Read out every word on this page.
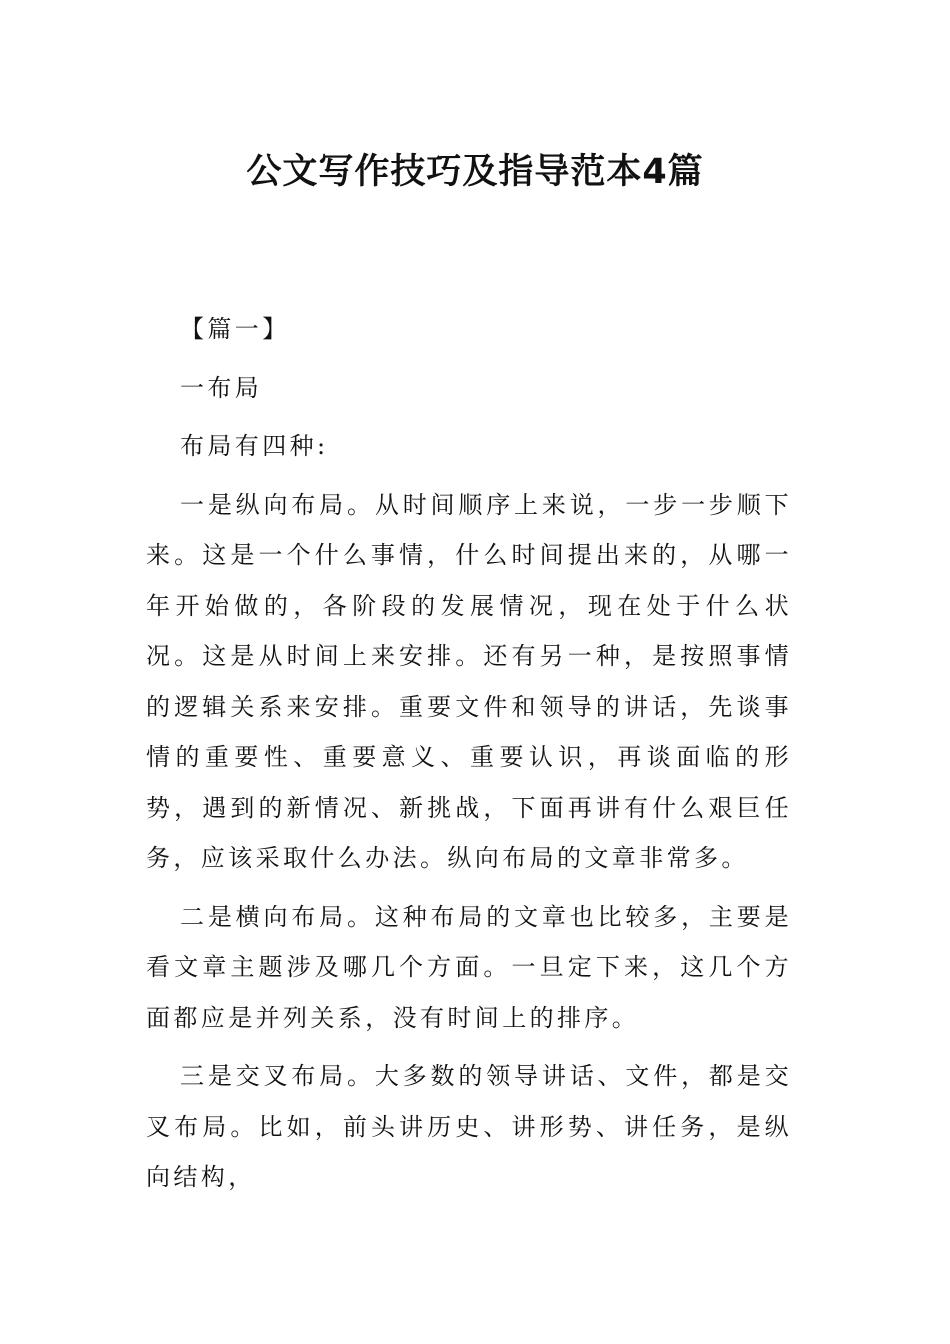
公文写作技巧及指导范本4篇

【篇一】

一布局

布局有四种:

一是纵向布局。从时间顺序上来说，一步一步顺下来。这是一个什么事情，什么时间提出来的，从哪一年开始做的，各阶段的发展情况，现在处于什么状况。这是从时间上来安排。还有另一种，是按照事情的逻辑关系来安排。重要文件和领导的讲话，先谈事情的重要性、重要意义、重要认识，再谈面临的形势，遇到的新情况、新挑战，下面再讲有什么艰巨任务，应该采取什么办法。纵向布局的文章非常多。

二是横向布局。这种布局的文章也比较多，主要是看文章主题涉及哪几个方面。一旦定下来，这几个方面都应是并列关系，没有时间上的排序。

三是交叉布局。大多数的领导讲话、文件，都是交叉布局。比如，前头讲历史、讲形势、讲任务，是纵向结构，
